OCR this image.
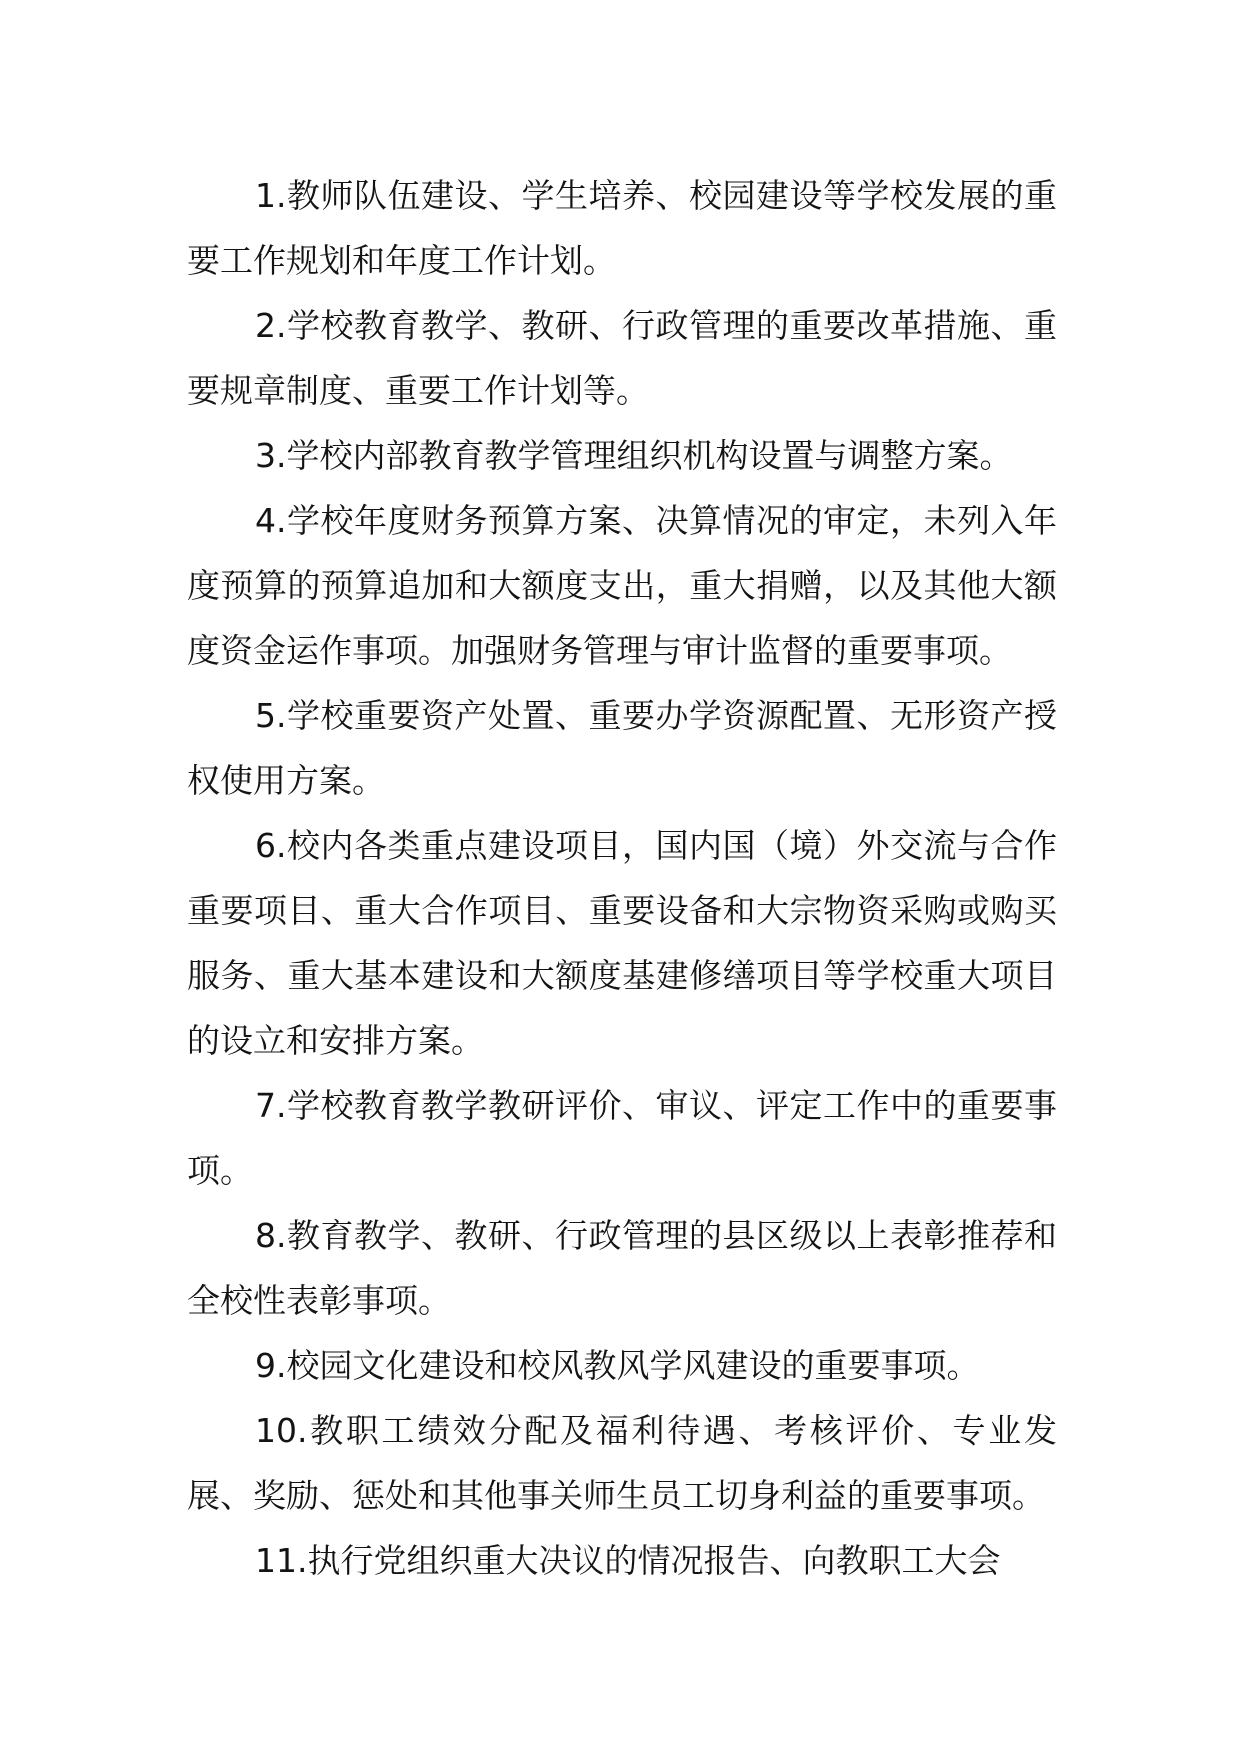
1.教师队伍建设、学生培养、校园建设等学校发展的重要工作规划和年度工作计划。

2.学校教育教学、教研、行政管理的重要改革措施、重要规章制度、重要工作计划等。

3.学校内部教育教学管理组织机构设置与调整方案。

4.学校年度财务预算方案、决算情况的审定，未列入年度预算的预算追加和大额度支出，重大捐赠，以及其他大额度资金运作事项。加强财务管理与审计监督的重要事项。

5.学校重要资产处置、重要办学资源配置、无形资产授权使用方案。

6.校内各类重点建设项目，国内国（境）外交流与合作重要项目、重大合作项目、重要设备和大宗物资采购或购买服务、重大基本建设和大额度基建修缮项目等学校重大项目的设立和安排方案。

7.学校教育教学教研评价、审议、评定工作中的重要事项。

8.教育教学、教研、行政管理的县区级以上表彰推荐和全校性表彰事项。

9.校园文化建设和校风教风学风建设的重要事项。

10.教职工绩效分配及福利待遇、考核评价、专业发展、奖励、惩处和其他事关师生员工切身利益的重要事项。

11.执行党组织重大决议的情况报告、向教职工大会
